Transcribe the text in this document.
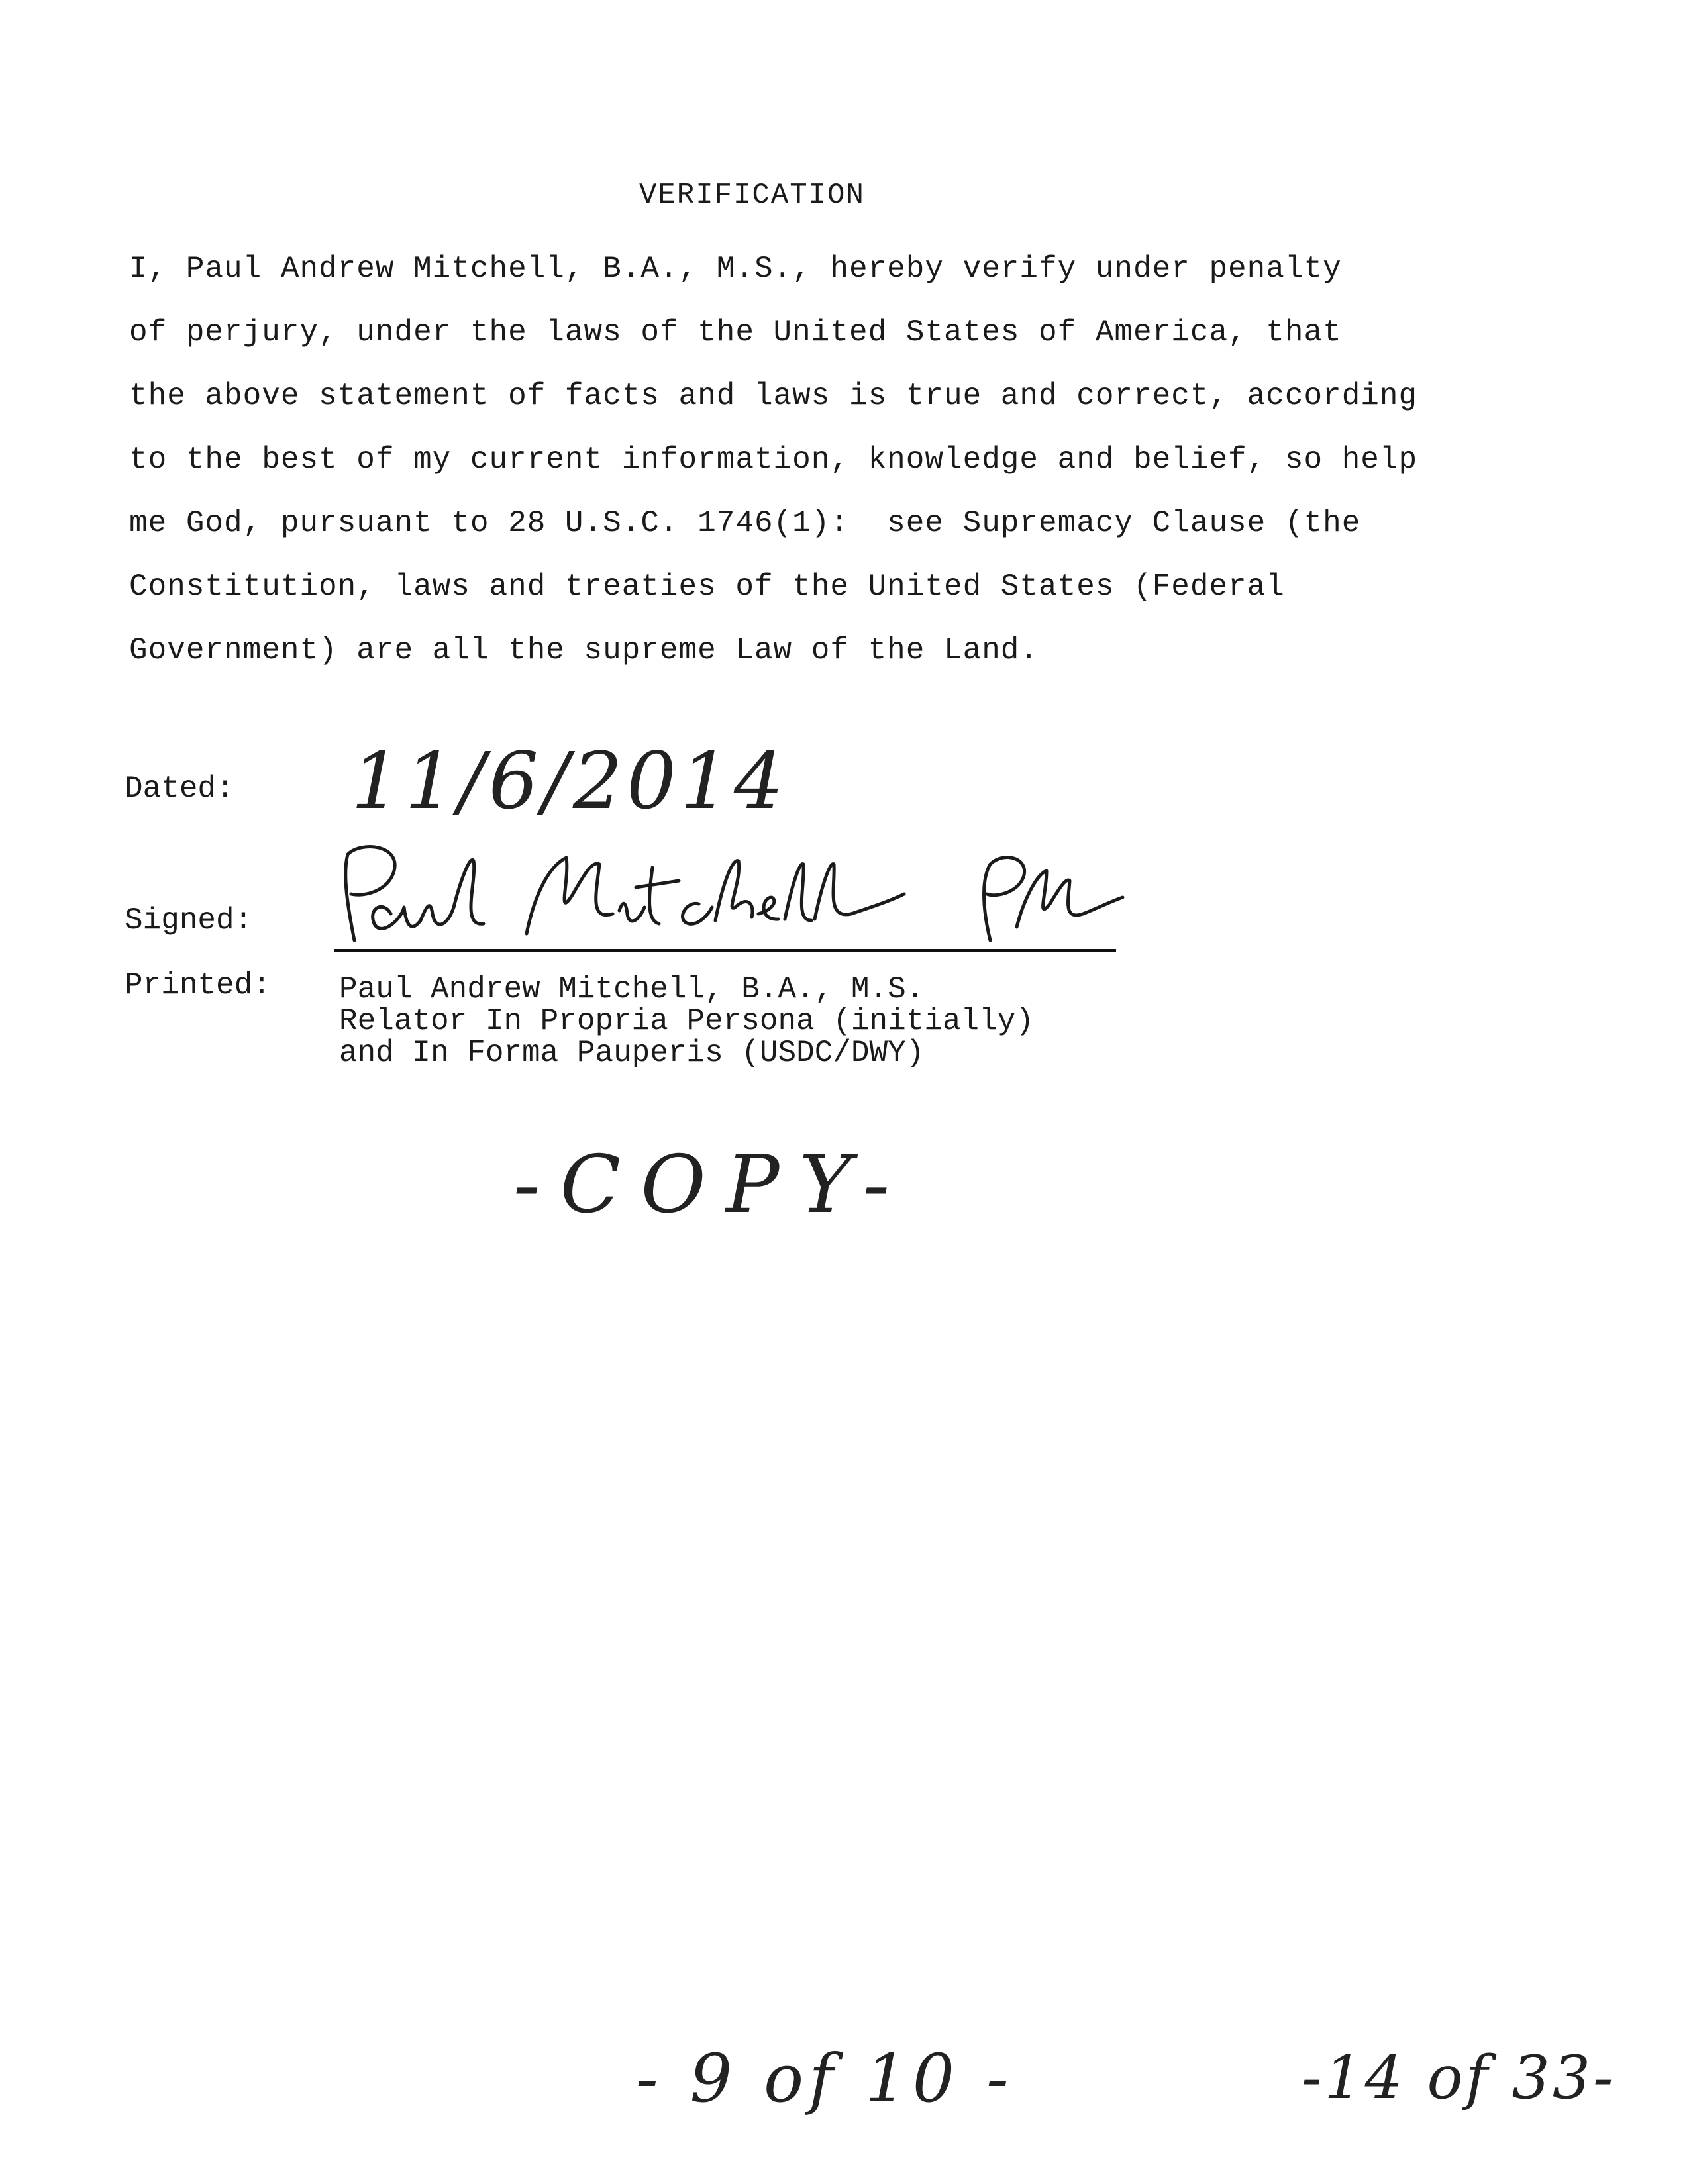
VERIFICATION
I, Paul Andrew Mitchell, B.A., M.S., hereby verify under penalty
of perjury, under the laws of the United States of America, that
the above statement of facts and laws is true and correct, according
to the best of my current information, knowledge and belief, so help
me God, pursuant to 28 U.S.C. 1746(1):  see Supremacy Clause (the
Constitution, laws and treaties of the United States (Federal
Government) are all the supreme Law of the Land.
Dated: 11/6/2014
Signed:
Printed: Paul Andrew Mitchell, B.A., M.S.
Relator In Propria Persona (initially)
and In Forma Pauperis (USDC/DWY)
-COPY-
- 9 of 10 -	-14 of 33-
